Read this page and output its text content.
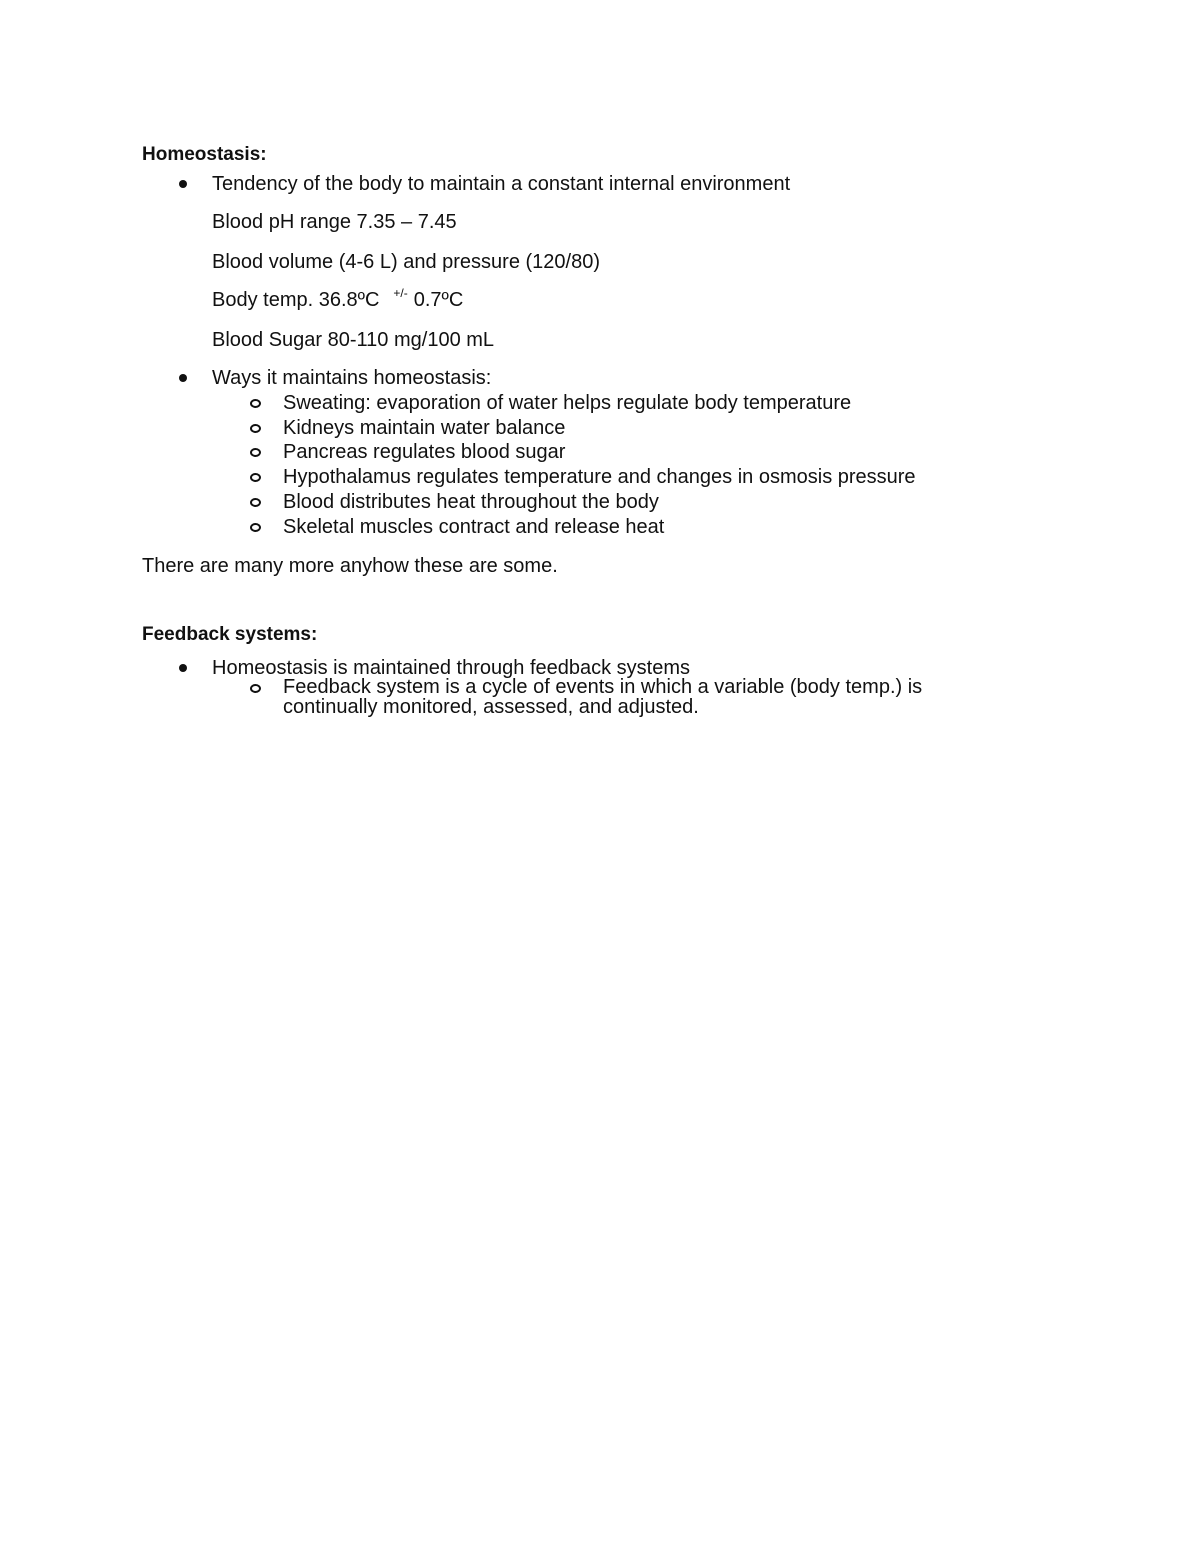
Homeostasis:
Tendency of the body to maintain a constant internal environment
Blood pH range 7.35 – 7.45
Blood volume (4-6 L) and pressure (120/80)
Body temp. 36.8ºC +/- 0.7ºC
Blood Sugar 80-110 mg/100 mL
Ways it maintains homeostasis:
Sweating: evaporation of water helps regulate body temperature
Kidneys maintain water balance
Pancreas regulates blood sugar
Hypothalamus regulates temperature and changes in osmosis pressure
Blood distributes heat throughout the body
Skeletal muscles contract and release heat
There are many more anyhow these are some.
Feedback systems:
Homeostasis is maintained through feedback systems
Feedback system is a cycle of events in which a variable (body temp.) is
continually monitored, assessed, and adjusted.
